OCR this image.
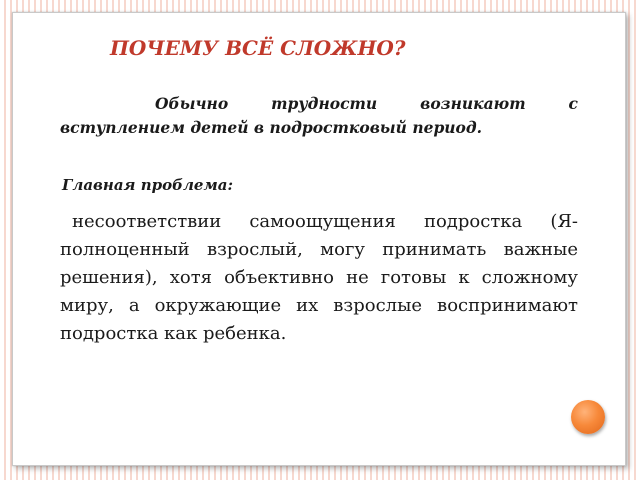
ПОЧЕМУ ВСЁ СЛОЖНО?
Обычно трудности возникают с вступлением детей в подростковый период.
Главная проблема:
несоответствии самоощущения подростка (Я-полноценный взрослый, могу принимать важные решения), хотя объективно не готовы к сложному миру, а окружающие их взрослые воспринимают подростка как ребенка.
